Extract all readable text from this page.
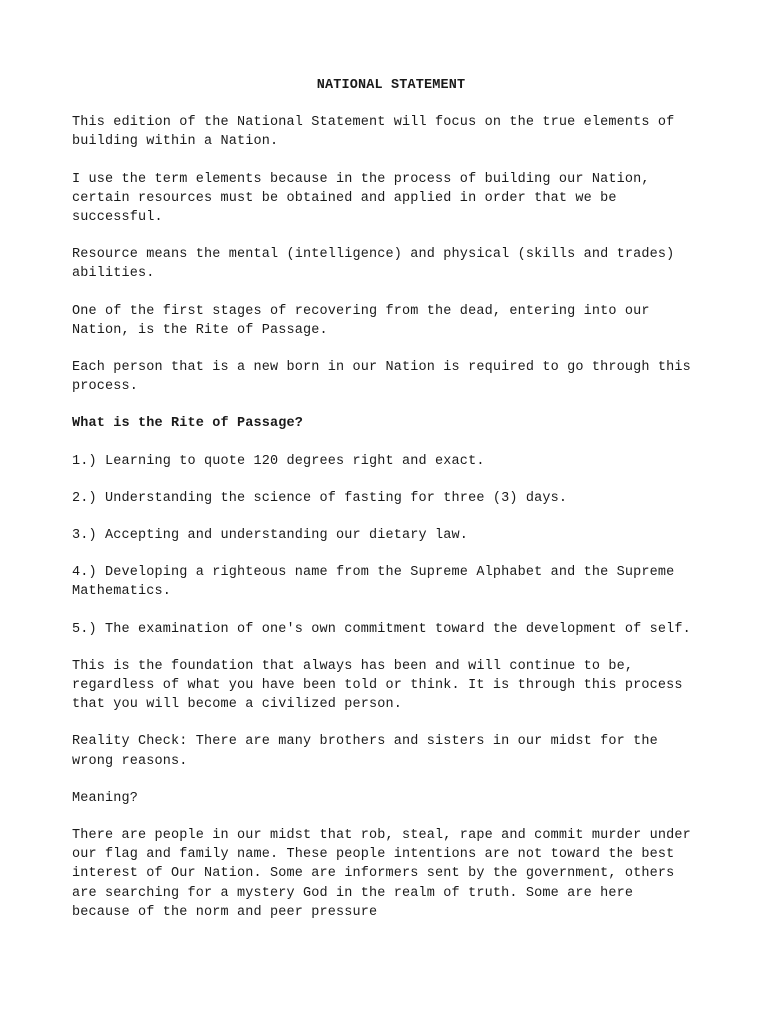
NATIONAL STATEMENT

This edition of the National Statement will focus on the true elements of building within a Nation.

I use the term elements because in the process of building our Nation, certain resources must be obtained and applied in order that we be successful.

Resource means the mental (intelligence) and physical (skills and trades) abilities.

One of the first stages of recovering from the dead, entering into our Nation, is the Rite of Passage.

Each person that is a new born in our Nation is required to go through this process.

What is the Rite of Passage?

1.) Learning to quote 120 degrees right and exact.

2.) Understanding the science of fasting for three (3) days.

3.) Accepting and understanding our dietary law.

4.) Developing a righteous name from the Supreme Alphabet and the Supreme Mathematics.

5.) The examination of one's own commitment toward the development of self.

This is the foundation that always has been and will continue to be, regardless of what you have been told or think. It is through this process that you will become a civilized person.

Reality Check: There are many brothers and sisters in our midst for the wrong reasons.

Meaning?

There are people in our midst that rob, steal, rape and commit murder under our flag and family name. These people intentions are not toward the best interest of Our Nation. Some are informers sent by the government, others are searching for a mystery God in the realm of truth. Some are here because of the norm and peer pressure
